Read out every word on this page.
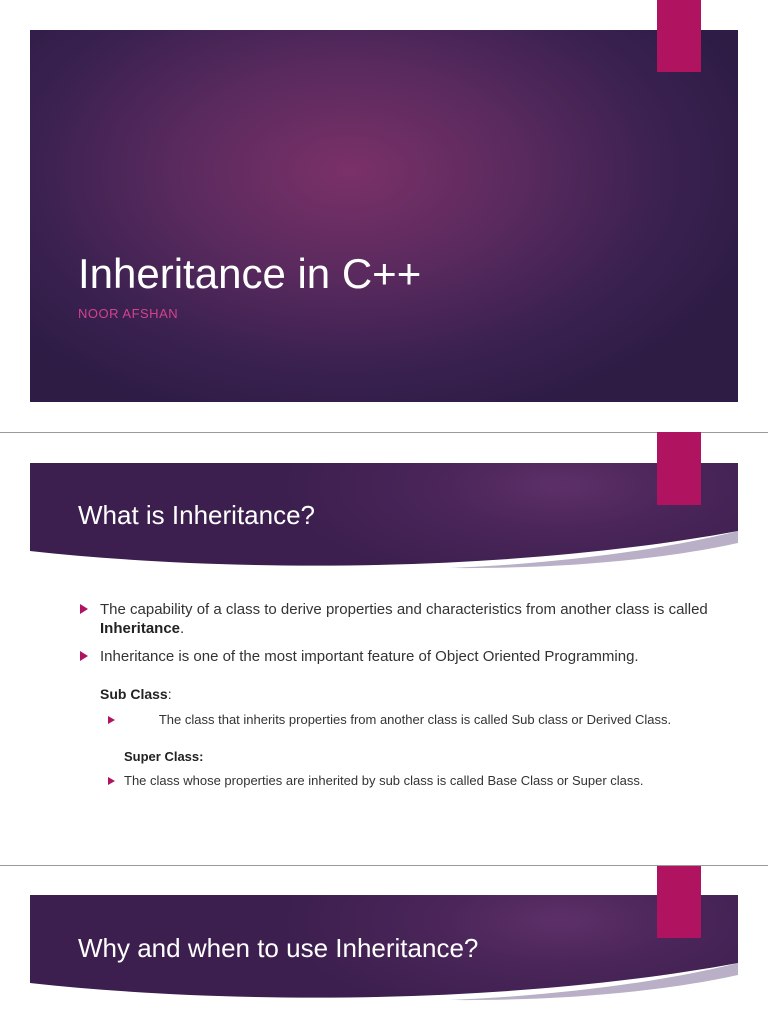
Inheritance in C++
NOOR AFSHAN
What is Inheritance?
The capability of a class to derive properties and characteristics from another class is called Inheritance.
Inheritance is one of the most important feature of Object Oriented Programming.
Sub Class:
The class that inherits properties from another class is called Sub class or Derived Class.
Super Class:
The class whose properties are inherited by sub class is called Base Class or Super class.
Why and when to use Inheritance?
